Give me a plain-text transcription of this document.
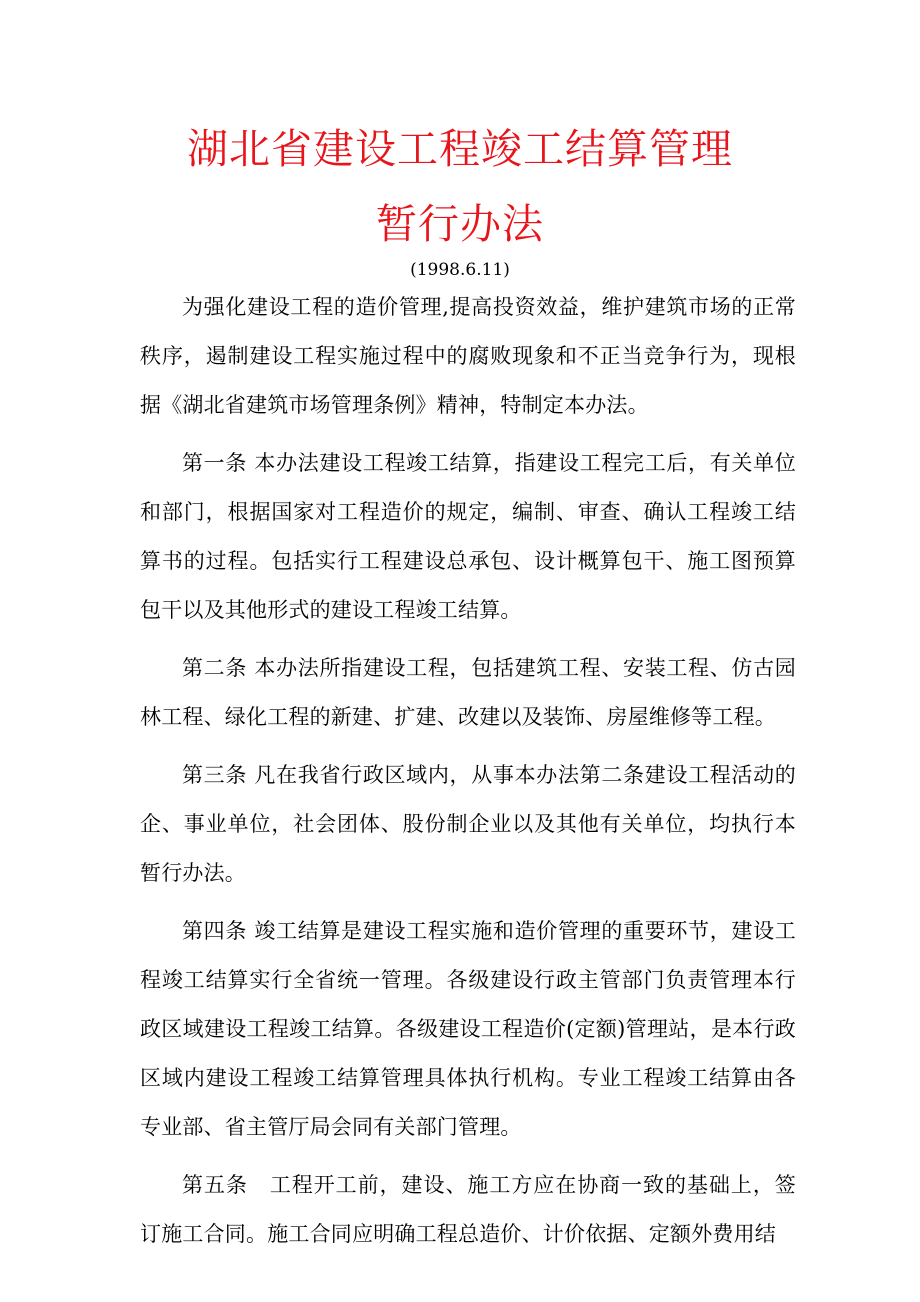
湖北省建设工程竣工结算管理
暂行办法
(1998.6.11)

为强化建设工程的造价管理,提高投资效益，维护建筑市场的正常秩序，遏制建设工程实施过程中的腐败现象和不正当竞争行为，现根据《湖北省建筑市场管理条例》精神，特制定本办法。

第一条 本办法建设工程竣工结算，指建设工程完工后，有关单位和部门，根据国家对工程造价的规定，编制、审查、确认工程竣工结算书的过程。包括实行工程建设总承包、设计概算包干、施工图预算包干以及其他形式的建设工程竣工结算。

第二条 本办法所指建设工程，包括建筑工程、安装工程、仿古园林工程、绿化工程的新建、扩建、改建以及装饰、房屋维修等工程。

第三条 凡在我省行政区域内，从事本办法第二条建设工程活动的企、事业单位，社会团体、股份制企业以及其他有关单位，均执行本暂行办法。

第四条 竣工结算是建设工程实施和造价管理的重要环节，建设工程竣工结算实行全省统一管理。各级建设行政主管部门负责管理本行政区域建设工程竣工结算。各级建设工程造价(定额)管理站，是本行政区域内建设工程竣工结算管理具体执行机构。专业工程竣工结算由各专业部、省主管厅局会同有关部门管理。

第五条　工程开工前，建设、施工方应在协商一致的基础上，签订施工合同。施工合同应明确工程总造价、计价依据、定额外费用结
